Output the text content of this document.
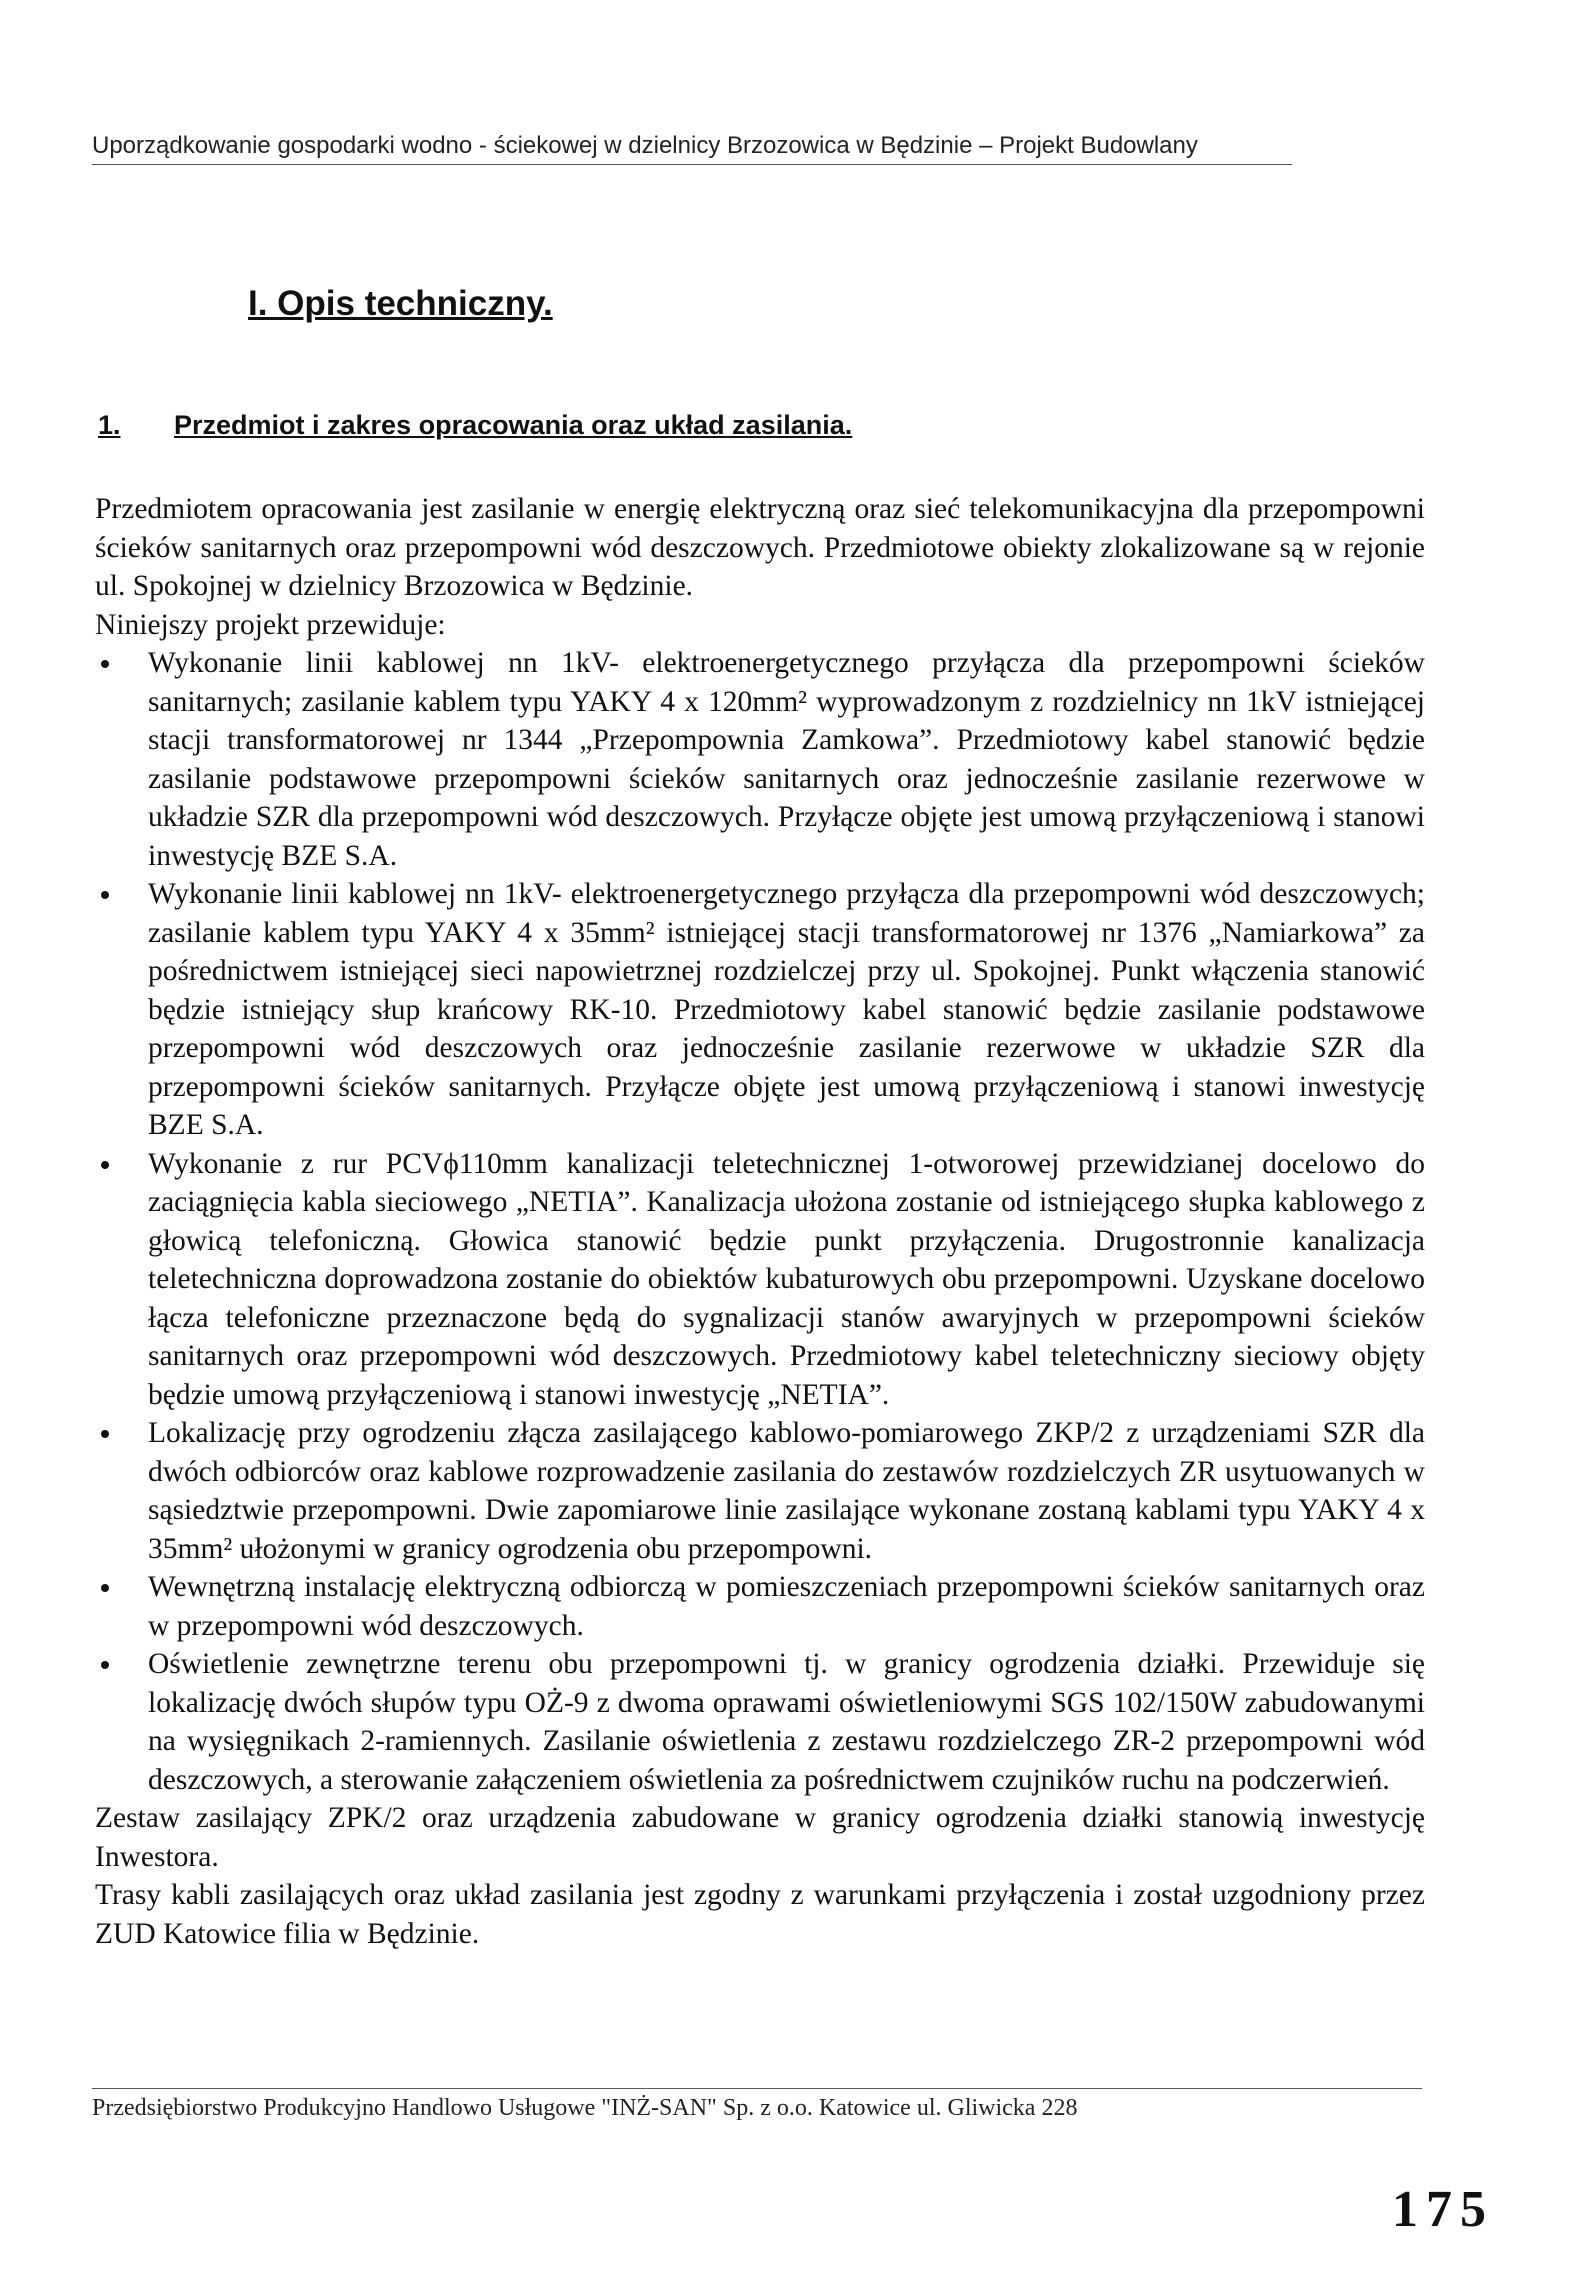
Uporządkowanie gospodarki wodno - ściekowej w dzielnicy Brzozowica w Będzinie – Projekt Budowlany
I. Opis techniczny.
1. Przedmiot i zakres opracowania oraz układ zasilania.

Przedmiotem opracowania jest zasilanie w energię elektryczną oraz sieć telekomunikacyjna dla przepompowni ścieków sanitarnych oraz przepompowni wód deszczowych. Przedmiotowe obiekty zlokalizowane są w rejonie ul. Spokojnej w dzielnicy Brzozowica w Będzinie.

Niniejszy projekt przewiduje:

Wykonanie linii kablowej nn 1kV- elektroenergetycznego przyłącza dla przepompowni ścieków sanitarnych; zasilanie kablem typu YAKY 4 x 120mm² wyprowadzonym z rozdzielnicy nn 1kV istniejącej stacji transformatorowej nr 1344 „Przepompownia Zamkowa”. Przedmiotowy kabel stanowić będzie zasilanie podstawowe przepompowni ścieków sanitarnych oraz jednocześnie zasilanie rezerwowe w układzie SZR dla przepompowni wód deszczowych. Przyłącze objęte jest umową przyłączeniową i stanowi inwestycję BZE S.A.
Wykonanie linii kablowej nn 1kV- elektroenergetycznego przyłącza dla przepompowni wód deszczowych; zasilanie kablem typu YAKY 4 x 35mm² istniejącej stacji transformatorowej nr 1376 „Namiarkowa” za pośrednictwem istniejącej sieci napowietrznej rozdzielczej przy ul. Spokojnej. Punkt włączenia stanowić będzie istniejący słup krańcowy RK-10. Przedmiotowy kabel stanowić będzie zasilanie podstawowe przepompowni wód deszczowych oraz jednocześnie zasilanie rezerwowe w układzie SZR dla przepompowni ścieków sanitarnych. Przyłącze objęte jest umową przyłączeniową i stanowi inwestycję BZE S.A.
Wykonanie z rur PCVϕ110mm kanalizacji teletechnicznej 1-otworowej przewidzianej docelowo do zaciągnięcia kabla sieciowego „NETIA”. Kanalizacja ułożona zostanie od istniejącego słupka kablowego z głowicą telefoniczną. Głowica stanowić będzie punkt przyłączenia. Drugostronnie kanalizacja teletechniczna doprowadzona zostanie do obiektów kubaturowych obu przepompowni. Uzyskane docelowo łącza telefoniczne przeznaczone będą do sygnalizacji stanów awaryjnych w przepompowni ścieków sanitarnych oraz przepompowni wód deszczowych. Przedmiotowy kabel teletechniczny sieciowy objęty będzie umową przyłączeniową i stanowi inwestycję „NETIA”.
Lokalizację przy ogrodzeniu złącza zasilającego kablowo-pomiarowego ZKP/2 z urządzeniami SZR dla dwóch odbiorców oraz kablowe rozprowadzenie zasilania do zestawów rozdzielczych ZR usytuowanych w sąsiedztwie przepompowni. Dwie zapomiarowe linie zasilające wykonane zostaną kablami typu YAKY 4 x 35mm² ułożonymi w granicy ogrodzenia obu przepompowni.
Wewnętrzną instalację elektryczną odbiorczą w pomieszczeniach przepompowni ścieków sanitarnych oraz w przepompowni wód deszczowych.
Oświetlenie zewnętrzne terenu obu przepompowni tj. w granicy ogrodzenia działki. Przewiduje się lokalizację dwóch słupów typu OŻ-9 z dwoma oprawami oświetleniowymi SGS 102/150W zabudowanymi na wysięgnikach 2-ramiennych. Zasilanie oświetlenia z zestawu rozdzielczego ZR-2 przepompowni wód deszczowych, a sterowanie załączeniem oświetlenia za pośrednictwem czujników ruchu na podczerwień.

Zestaw zasilający ZPK/2 oraz urządzenia zabudowane w granicy ogrodzenia działki stanowią inwestycję Inwestora.

Trasy kabli zasilających oraz układ zasilania jest zgodny z warunkami przyłączenia i został uzgodniony przez ZUD Katowice filia w Będzinie.

Przedsiębiorstwo Produkcyjno Handlowo Usługowe "INŻ-SAN" Sp. z o.o. Katowice ul. Gliwicka 228
175
